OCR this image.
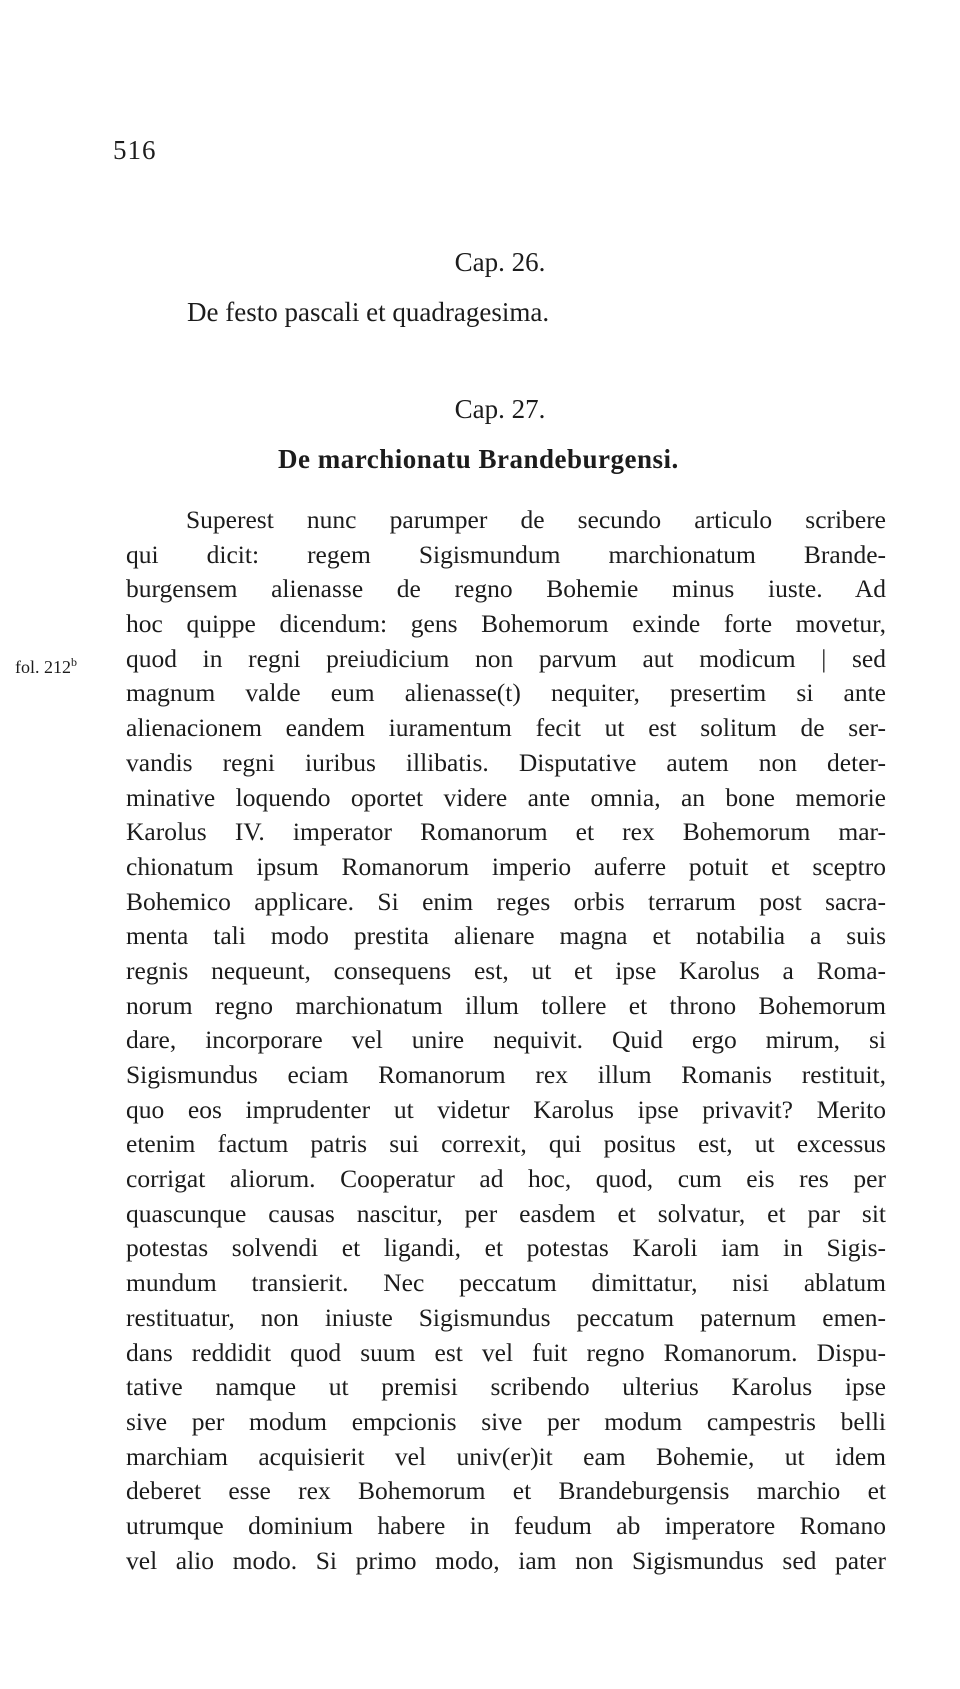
516
Cap. 26.
De festo pascali et quadragesima.
Cap. 27.
De marchionatu Brandeburgensi.
fol. 212$^b$
Superest nunc parumper de secundo articulo scribere
qui dicit: regem Sigismundum marchionatum Brande-
burgensem alienasse de regno Bohemie minus iuste. Ad
hoc quippe dicendum: gens Bohemorum exinde forte movetur,
quod in regni preiudicium non parvum aut modicum | sed
magnum valde eum alienasse(t) nequiter, presertim si ante
alienacionem eandem iuramentum fecit ut est solitum de ser-
vandis regni iuribus illibatis. Disputative autem non deter-
minative loquendo oportet videre ante omnia, an bone memorie
Karolus IV. imperator Romanorum et rex Bohemorum mar-
chionatum ipsum Romanorum imperio auferre potuit et sceptro
Bohemico applicare. Si enim reges orbis terrarum post sacra-
menta tali modo prestita alienare magna et notabilia a suis
regnis nequeunt, consequens est, ut et ipse Karolus a Roma-
norum regno marchionatum illum tollere et throno Bohemorum
dare, incorporare vel unire nequivit. Quid ergo mirum, si
Sigismundus eciam Romanorum rex illum Romanis restituit,
quo eos imprudenter ut videtur Karolus ipse privavit? Merito
etenim factum patris sui correxit, qui positus est, ut excessus
corrigat aliorum. Cooperatur ad hoc, quod, cum eis res per
quascunque causas nascitur, per easdem et solvatur, et par sit
potestas solvendi et ligandi, et potestas Karoli iam in Sigis-
mundum transierit. Nec peccatum dimittatur, nisi ablatum
restituatur, non iniuste Sigismundus peccatum paternum emen-
dans reddidit quod suum est vel fuit regno Romanorum. Dispu-
tative namque ut premisi scribendo ulterius Karolus ipse
sive per modum empcionis sive per modum campestris belli
marchiam acquisierit vel univ(er)it eam Bohemie, ut idem
deberet esse rex Bohemorum et Brandeburgensis marchio et
utrumque dominium habere in feudum ab imperatore Romano
vel alio modo. Si primo modo, iam non Sigismundus sed pater
